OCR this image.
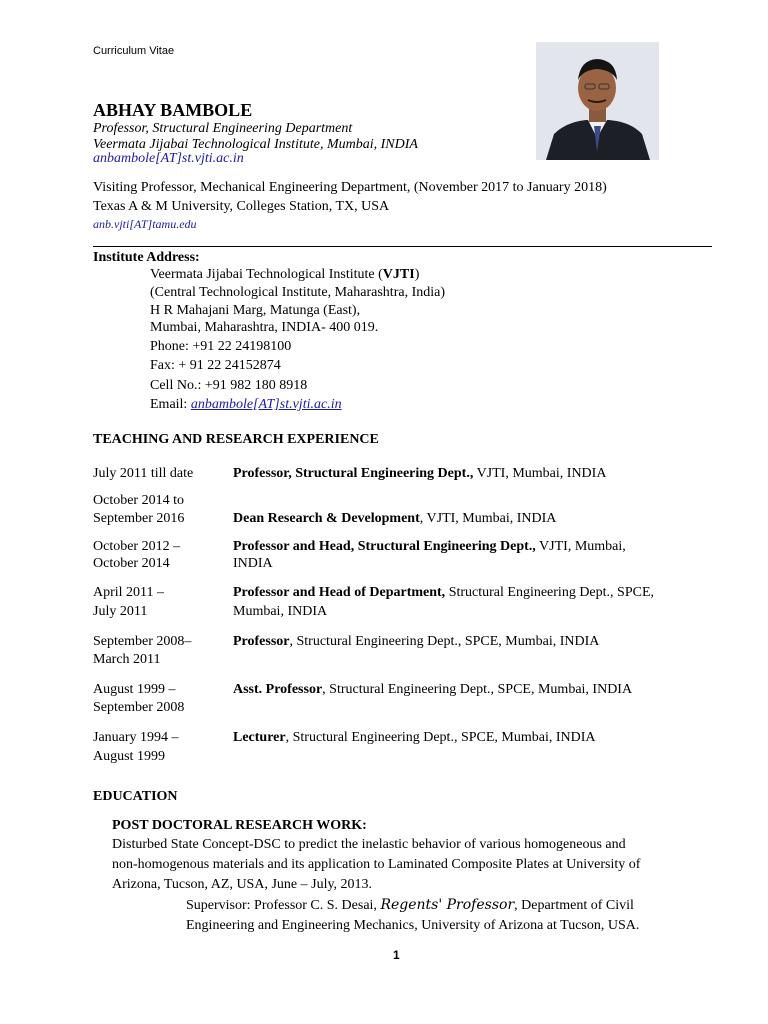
Curriculum Vitae
ABHAY BAMBOLE
Professor, Structural Engineering Department
Veermata Jijabai Technological Institute, Mumbai, INDIA
anbambole[AT]st.vjti.ac.in
Visiting Professor, Mechanical Engineering Department, (November 2017 to January 2018)
Texas A & M University, Colleges Station, TX, USA
anb.vjti[AT]tamu.edu
Institute Address:
Veermata Jijabai Technological Institute (VJTI)
(Central Technological Institute, Maharashtra, India)
H R Mahajani Marg, Matunga (East),
Mumbai, Maharashtra, INDIA- 400 019.
Phone: +91 22 24198100
Fax: + 91 22 24152874
Cell No.: +91 982 180 8918
Email: anbambole[AT]st.vjti.ac.in
TEACHING AND RESEARCH EXPERIENCE
July 2011 till date	Professor, Structural Engineering Dept., VJTI, Mumbai, INDIA
October 2014 to
September 2016	Dean Research & Development, VJTI, Mumbai, INDIA
October 2012 –
October 2014
Professor and Head, Structural Engineering Dept., VJTI, Mumbai,
INDIA
April 2011 –
July 2011
Professor and Head of Department, Structural Engineering Dept., SPCE,
Mumbai, INDIA
September 2008–
March 2011
Professor, Structural Engineering Dept., SPCE, Mumbai, INDIA
August 1999 –
September 2008
Asst. Professor, Structural Engineering Dept., SPCE, Mumbai, INDIA
January 1994 –
August 1999
Lecturer, Structural Engineering Dept., SPCE, Mumbai, INDIA
EDUCATION
POST DOCTORAL RESEARCH WORK:
Disturbed State Concept-DSC to predict the inelastic behavior of various homogeneous and
non-homogenous materials and its application to Laminated Composite Plates at University of
Arizona, Tucson, AZ, USA, June – July, 2013.
Supervisor: Professor C. S. Desai, Regents' Professor, Department of Civil
Engineering and Engineering Mechanics, University of Arizona at Tucson, USA.
1
